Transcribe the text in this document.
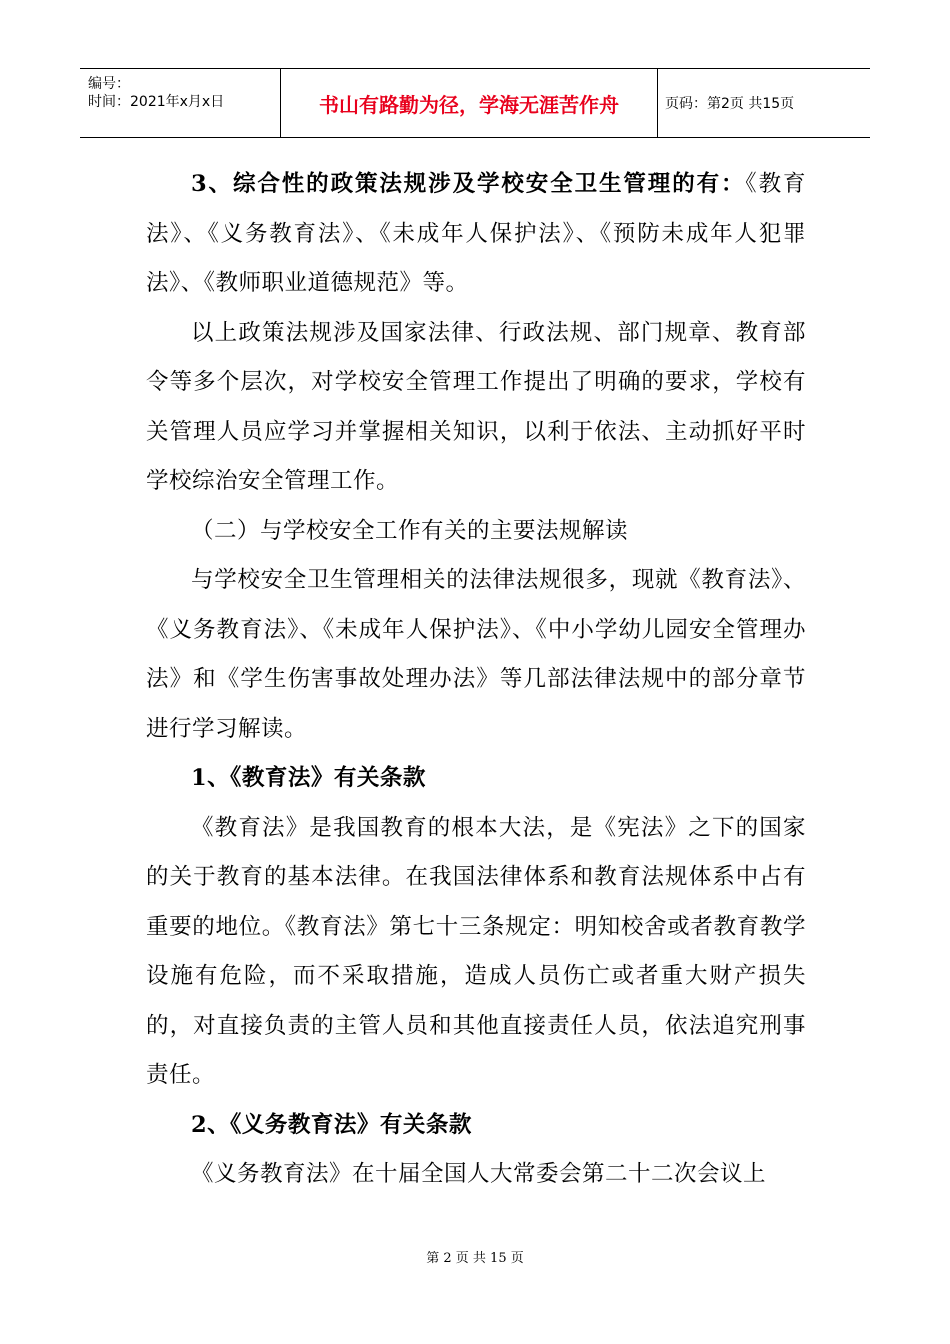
编号：
时间：2021年x月x日	书山有路勤为径，学海无涯苦作舟	页码：第2页 共15页

3、综合性的政策法规涉及学校安全卫生管理的有：《教育法》、《义务教育法》、《未成年人保护法》、《预防未成年人犯罪法》、《教师职业道德规范》等。

以上政策法规涉及国家法律、行政法规、部门规章、教育部令等多个层次，对学校安全管理工作提出了明确的要求，学校有关管理人员应学习并掌握相关知识，以利于依法、主动抓好平时学校综治安全管理工作。

（二）与学校安全工作有关的主要法规解读

与学校安全卫生管理相关的法律法规很多，现就《教育法》、《义务教育法》、《未成年人保护法》、《中小学幼儿园安全管理办法》和《学生伤害事故处理办法》等几部法律法规中的部分章节进行学习解读。

1、《教育法》有关条款

《教育法》是我国教育的根本大法，是《宪法》之下的国家的关于教育的基本法律。在我国法律体系和教育法规体系中占有重要的地位。《教育法》第七十三条规定：明知校舍或者教育教学设施有危险，而不采取措施，造成人员伤亡或者重大财产损失的，对直接负责的主管人员和其他直接责任人员，依法追究刑事责任。

2、《义务教育法》有关条款

《义务教育法》在十届全国人大常委会第二十二次会议上

第 2 页 共 15 页
